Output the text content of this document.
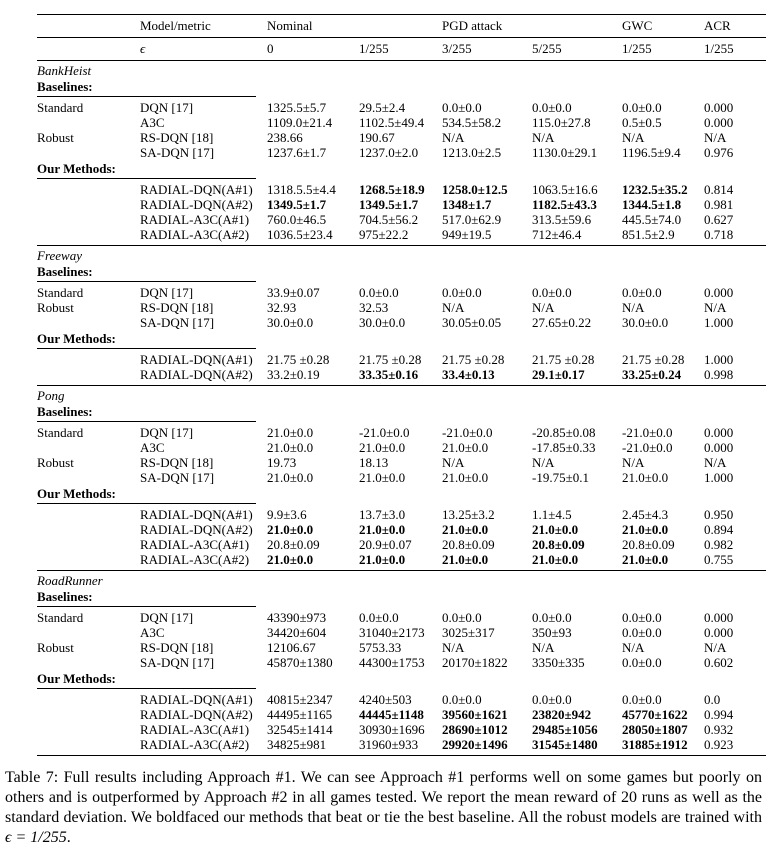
Model/metric	Nominal	PGD attack	GWC	ACR
ϵ	0	1/255	3/255	5/255	1/255	1/255
BankHeist
Baselines:
Standard	DQN [17]	1325.5±5.7	29.5±2.4	0.0±0.0	0.0±0.0	0.0±0.0	0.000
A3C	1109.0±21.4	1102.5±49.4	534.5±58.2	115.0±27.8	0.5±0.5	0.000
Robust	RS-DQN [18]	238.66	190.67	N/A	N/A	N/A	N/A
SA-DQN [17]	1237.6±1.7	1237.0±2.0	1213.0±2.5	1130.0±29.1	1196.5±9.4	0.976
Our Methods:
RADIAL-DQN(A#1)	1318.5.5±4.4	1268.5±18.9	1258.0±12.5	1063.5±16.6	1232.5±35.2	0.814
RADIAL-DQN(A#2)	1349.5±1.7	1349.5±1.7	1348±1.7	1182.5±43.3	1344.5±1.8	0.981
RADIAL-A3C(A#1)	760.0±46.5	704.5±56.2	517.0±62.9	313.5±59.6	445.5±74.0	0.627
RADIAL-A3C(A#2)	1036.5±23.4	975±22.2	949±19.5	712±46.4	851.5±2.9	0.718
Freeway
Baselines:
Standard	DQN [17]	33.9±0.07	0.0±0.0	0.0±0.0	0.0±0.0	0.0±0.0	0.000
Robust	RS-DQN [18]	32.93	32.53	N/A	N/A	N/A	N/A
SA-DQN [17]	30.0±0.0	30.0±0.0	30.05±0.05	27.65±0.22	30.0±0.0	1.000
Our Methods:
RADIAL-DQN(A#1)	21.75 ±0.28	21.75 ±0.28	21.75 ±0.28	21.75 ±0.28	21.75 ±0.28	1.000
RADIAL-DQN(A#2)	33.2±0.19	33.35±0.16	33.4±0.13	29.1±0.17	33.25±0.24	0.998
Pong
Baselines:
Standard	DQN [17]	21.0±0.0	-21.0±0.0	-21.0±0.0	-20.85±0.08	-21.0±0.0	0.000
A3C	21.0±0.0	21.0±0.0	21.0±0.0	-17.85±0.33	-21.0±0.0	0.000
Robust	RS-DQN [18]	19.73	18.13	N/A	N/A	N/A	N/A
SA-DQN [17]	21.0±0.0	21.0±0.0	21.0±0.0	-19.75±0.1	21.0±0.0	1.000
Our Methods:
RADIAL-DQN(A#1)	9.9±3.6	13.7±3.0	13.25±3.2	1.1±4.5	2.45±4.3	0.950
RADIAL-DQN(A#2)	21.0±0.0	21.0±0.0	21.0±0.0	21.0±0.0	21.0±0.0	0.894
RADIAL-A3C(A#1)	20.8±0.09	20.9±0.07	20.8±0.09	20.8±0.09	20.8±0.09	0.982
RADIAL-A3C(A#2)	21.0±0.0	21.0±0.0	21.0±0.0	21.0±0.0	21.0±0.0	0.755
RoadRunner
Baselines:
Standard	DQN [17]	43390±973	0.0±0.0	0.0±0.0	0.0±0.0	0.0±0.0	0.000
A3C	34420±604	31040±2173	3025±317	350±93	0.0±0.0	0.000
Robust	RS-DQN [18]	12106.67	5753.33	N/A	N/A	N/A	N/A
SA-DQN [17]	45870±1380	44300±1753	20170±1822	3350±335	0.0±0.0	0.602
Our Methods:
RADIAL-DQN(A#1)	40815±2347	4240±503	0.0±0.0	0.0±0.0	0.0±0.0	0.0
RADIAL-DQN(A#2)	44495±1165	44445±1148	39560±1621	23820±942	45770±1622	0.994
RADIAL-A3C(A#1)	32545±1414	30930±1696	28690±1012	29485±1056	28050±1807	0.932
RADIAL-A3C(A#2)	34825±981	31960±933	29920±1496	31545±1480	31885±1912	0.923

Table 7: Full results including Approach #1. We can see Approach #1 performs well on some games but poorly on others and is outperformed by Approach #2 in all games tested. We report the mean reward of 20 runs as well as the standard deviation. We boldfaced our methods that beat or tie the best baseline. All the robust models are trained with ϵ = 1/255.
